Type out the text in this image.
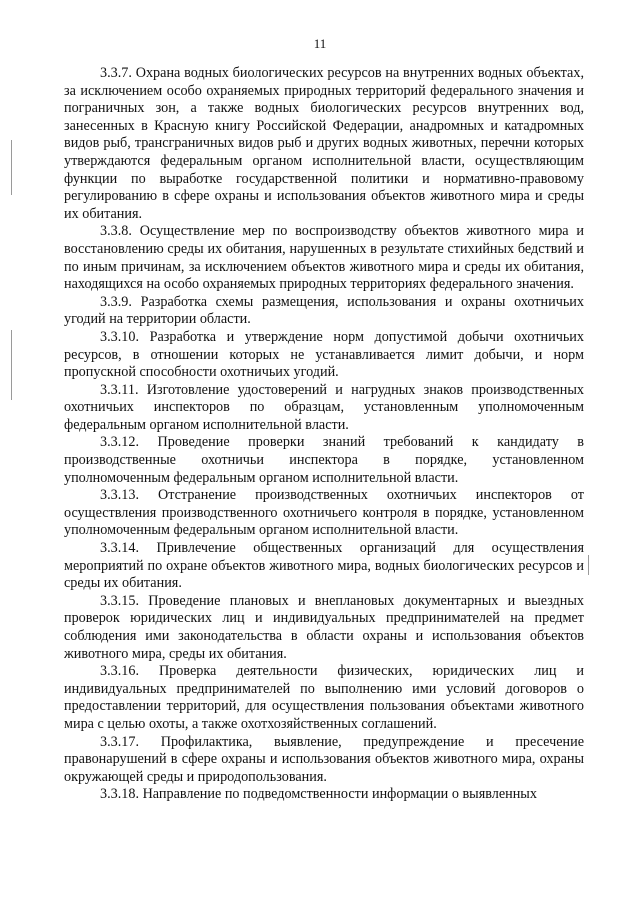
11

3.3.7. Охрана водных биологических ресурсов на внутренних водных объектах, за исключением особо охраняемых природных территорий федерального значения и пограничных зон, а также водных биологических ресурсов внутренних вод, занесенных в Красную книгу Российской Федерации, анадромных и катадромных видов рыб, трансграничных видов рыб и других водных животных, перечни которых утверждаются федеральным органом исполнительной власти, осуществляющим функции по выработке государственной политики и нормативно-правовому регулированию в сфере охраны и использования объектов животного мира и среды их обитания.

3.3.8. Осуществление мер по воспроизводству объектов животного мира и восстановлению среды их обитания, нарушенных в результате стихийных бедствий и по иным причинам, за исключением объектов животного мира и среды их обитания, находящихся на особо охраняемых природных территориях федерального значения.

3.3.9. Разработка схемы размещения, использования и охраны охотничьих угодий на территории области.

3.3.10. Разработка и утверждение норм допустимой добычи охотничьих ресурсов, в отношении которых не устанавливается лимит добычи, и норм пропускной способности охотничьих угодий.

3.3.11. Изготовление удостоверений и нагрудных знаков производственных охотничьих инспекторов по образцам, установленным уполномоченным федеральным органом исполнительной власти.

3.3.12. Проведение проверки знаний требований к кандидату в производственные охотничьи инспектора в порядке, установленном уполномоченным федеральным органом исполнительной власти.

3.3.13. Отстранение производственных охотничьих инспекторов от осуществления производственного охотничьего контроля в порядке, установленном уполномоченным федеральным органом исполнительной власти.

3.3.14. Привлечение общественных организаций для осуществления мероприятий по охране объектов животного мира, водных биологических ресурсов и среды их обитания.

3.3.15. Проведение плановых и внеплановых документарных и выездных проверок юридических лиц и индивидуальных предпринимателей на предмет соблюдения ими законодательства в области охраны и использования объектов животного мира, среды их обитания.

3.3.16. Проверка деятельности физических, юридических лиц и индивидуальных предпринимателей по выполнению ими условий договоров о предоставлении территорий, для осуществления пользования объектами животного мира с целью охоты, а также охотхозяйственных соглашений.

3.3.17. Профилактика, выявление, предупреждение и пресечение правонарушений в сфере охраны и использования объектов животного мира, охраны окружающей среды и природопользования.

3.3.18. Направление по подведомственности информации о выявленных
